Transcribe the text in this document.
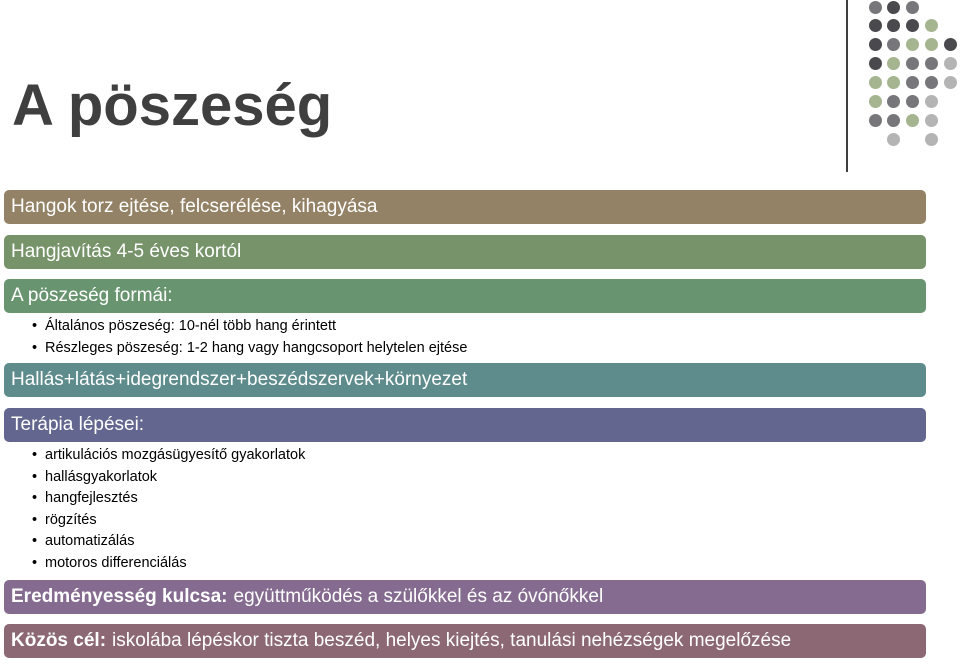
A pöszeség
Hangok torz ejtése, felcserélése, kihagyása
Hangjavítás 4-5 éves kortól
A pöszeség formái:
• Általános pöszeség: 10-nél több hang érintett
• Részleges pöszeség: 1-2 hang vagy hangcsoport helytelen ejtése
Hallás+látás+idegrendszer+beszédszervek+környezet
Terápia lépései:
• artikulációs mozgásügyesítő gyakorlatok
• hallásgyakorlatok
• hangfejlesztés
• rögzítés
• automatizálás
• motoros differenciálás
Eredményesség kulcsa: együttműködés a szülőkkel és az óvónőkkel
Közös cél: iskolába lépéskor tiszta beszéd, helyes kiejtés, tanulási nehézségek megelőzése
